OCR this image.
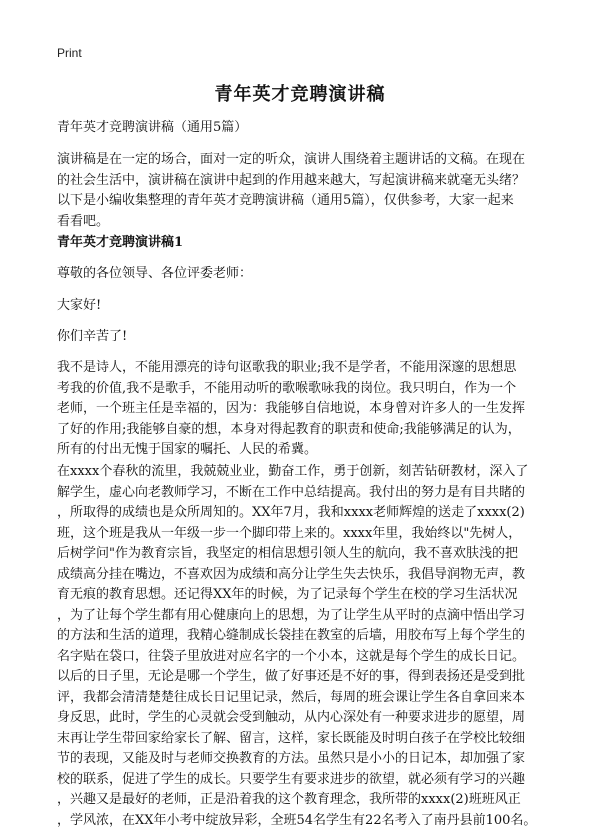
Print
青年英才竞聘演讲稿
青年英才竞聘演讲稿（通用5篇）
演讲稿是在一定的场合，面对一定的听众，演讲人围绕着主题讲话的文稿。在现在
的社会生活中，演讲稿在演讲中起到的作用越来越大，写起演讲稿来就毫无头绪？
以下是小编收集整理的青年英才竞聘演讲稿（通用5篇），仅供参考，大家一起来
看看吧。
青年英才竞聘演讲稿1
尊敬的各位领导、各位评委老师：
大家好!
你们辛苦了!
我不是诗人，不能用漂亮的诗句讴歌我的职业;我不是学者，不能用深邃的思想思
考我的价值,我不是歌手，不能用动听的歌喉歌咏我的岗位。我只明白，作为一个
老师，一个班主任是幸福的，因为：我能够自信地说，本身曾对许多人的一生发挥
了好的作用;我能够自豪的想，本身对得起教育的职责和使命;我能够满足的认为，
所有的付出无愧于国家的嘱托、人民的希冀。
在xxxx个春秋的流里，我兢兢业业，勤奋工作，勇于创新，刻苦钻研教材，深入了
解学生，虚心向老教师学习，不断在工作中总结提高。我付出的努力是有目共睹的
，所取得的成绩也是众所周知的。XX年7月，我和xxxx老师辉煌的送走了xxxx(2)
班，这个班是我从一年级一步一个脚印带上来的。xxxx年里，我始终以"先树人，
后树学问"作为教育宗旨，我坚定的相信思想引领人生的航向，我不喜欢肤浅的把
成绩高分挂在嘴边，不喜欢因为成绩和高分让学生失去快乐，我倡导润物无声，教
育无痕的教育思想。还记得XX年的时候，为了记录每个学生在校的学习生活状况
，为了让每个学生都有用心健康向上的思想，为了让学生从平时的点滴中悟出学习
的方法和生活的道理，我精心缝制成长袋挂在教室的后墙，用胶布写上每个学生的
名字贴在袋口，往袋子里放进对应名字的一个小本，这就是每个学生的成长日记。
以后的日子里，无论是哪一个学生，做了好事还是不好的事，得到表扬还是受到批
评，我都会清清楚楚往成长日记里记录，然后，每周的班会课让学生各自拿回来本
身反思，此时，学生的心灵就会受到触动，从内心深处有一种要求进步的愿望，周
末再让学生带回家给家长了解、留言，这样，家长既能及时明白孩子在学校比较细
节的表现，又能及时与老师交换教育的方法。虽然只是小小的日记本，却加强了家
校的联系，促进了学生的成长。只要学生有要求进步的欲望，就必须有学习的兴趣
，兴趣又是最好的老师，正是沿着我的这个教育理念，我所带的xxxx(2)班班风正
，学风浓，在XX年小考中绽放异彩，全班54名学生有22名考入了南丹县前100名。
